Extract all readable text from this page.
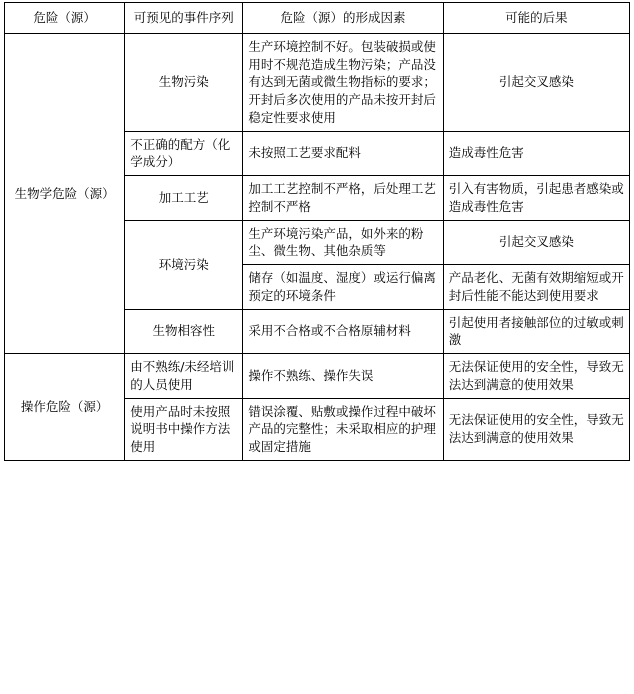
危险（源）	可预见的事件序列	危险（源）的形成因素	可能的后果
生物学危险（源）	生物污染	生产环境控制不好。包装破损或使用时不规范造成生物污染；产品没有达到无菌或微生物指标的要求；开封后多次使用的产品未按开封后稳定性要求使用	引起交叉感染
	不正确的配方（化学成分）	未按照工艺要求配料	造成毒性危害
	加工工艺	加工工艺控制不严格，后处理工艺控制不严格	引入有害物质，引起患者感染或造成毒性危害
	环境污染	生产环境污染产品，如外来的粉尘、微生物、其他杂质等	引起交叉感染
		储存（如温度、湿度）或运行偏离预定的环境条件	产品老化、无菌有效期缩短或开封后性能不能达到使用要求
	生物相容性	采用不合格或不合格原辅材料	引起使用者接触部位的过敏或刺激
操作危险（源）	由不熟练/未经培训的人员使用	操作不熟练、操作失误	无法保证使用的安全性，导致无法达到满意的使用效果
	使用产品时未按照说明书中操作方法使用	错误涂覆、贴敷或操作过程中破坏产品的完整性；未采取相应的护理或固定措施	无法保证使用的安全性，导致无法达到满意的使用效果
